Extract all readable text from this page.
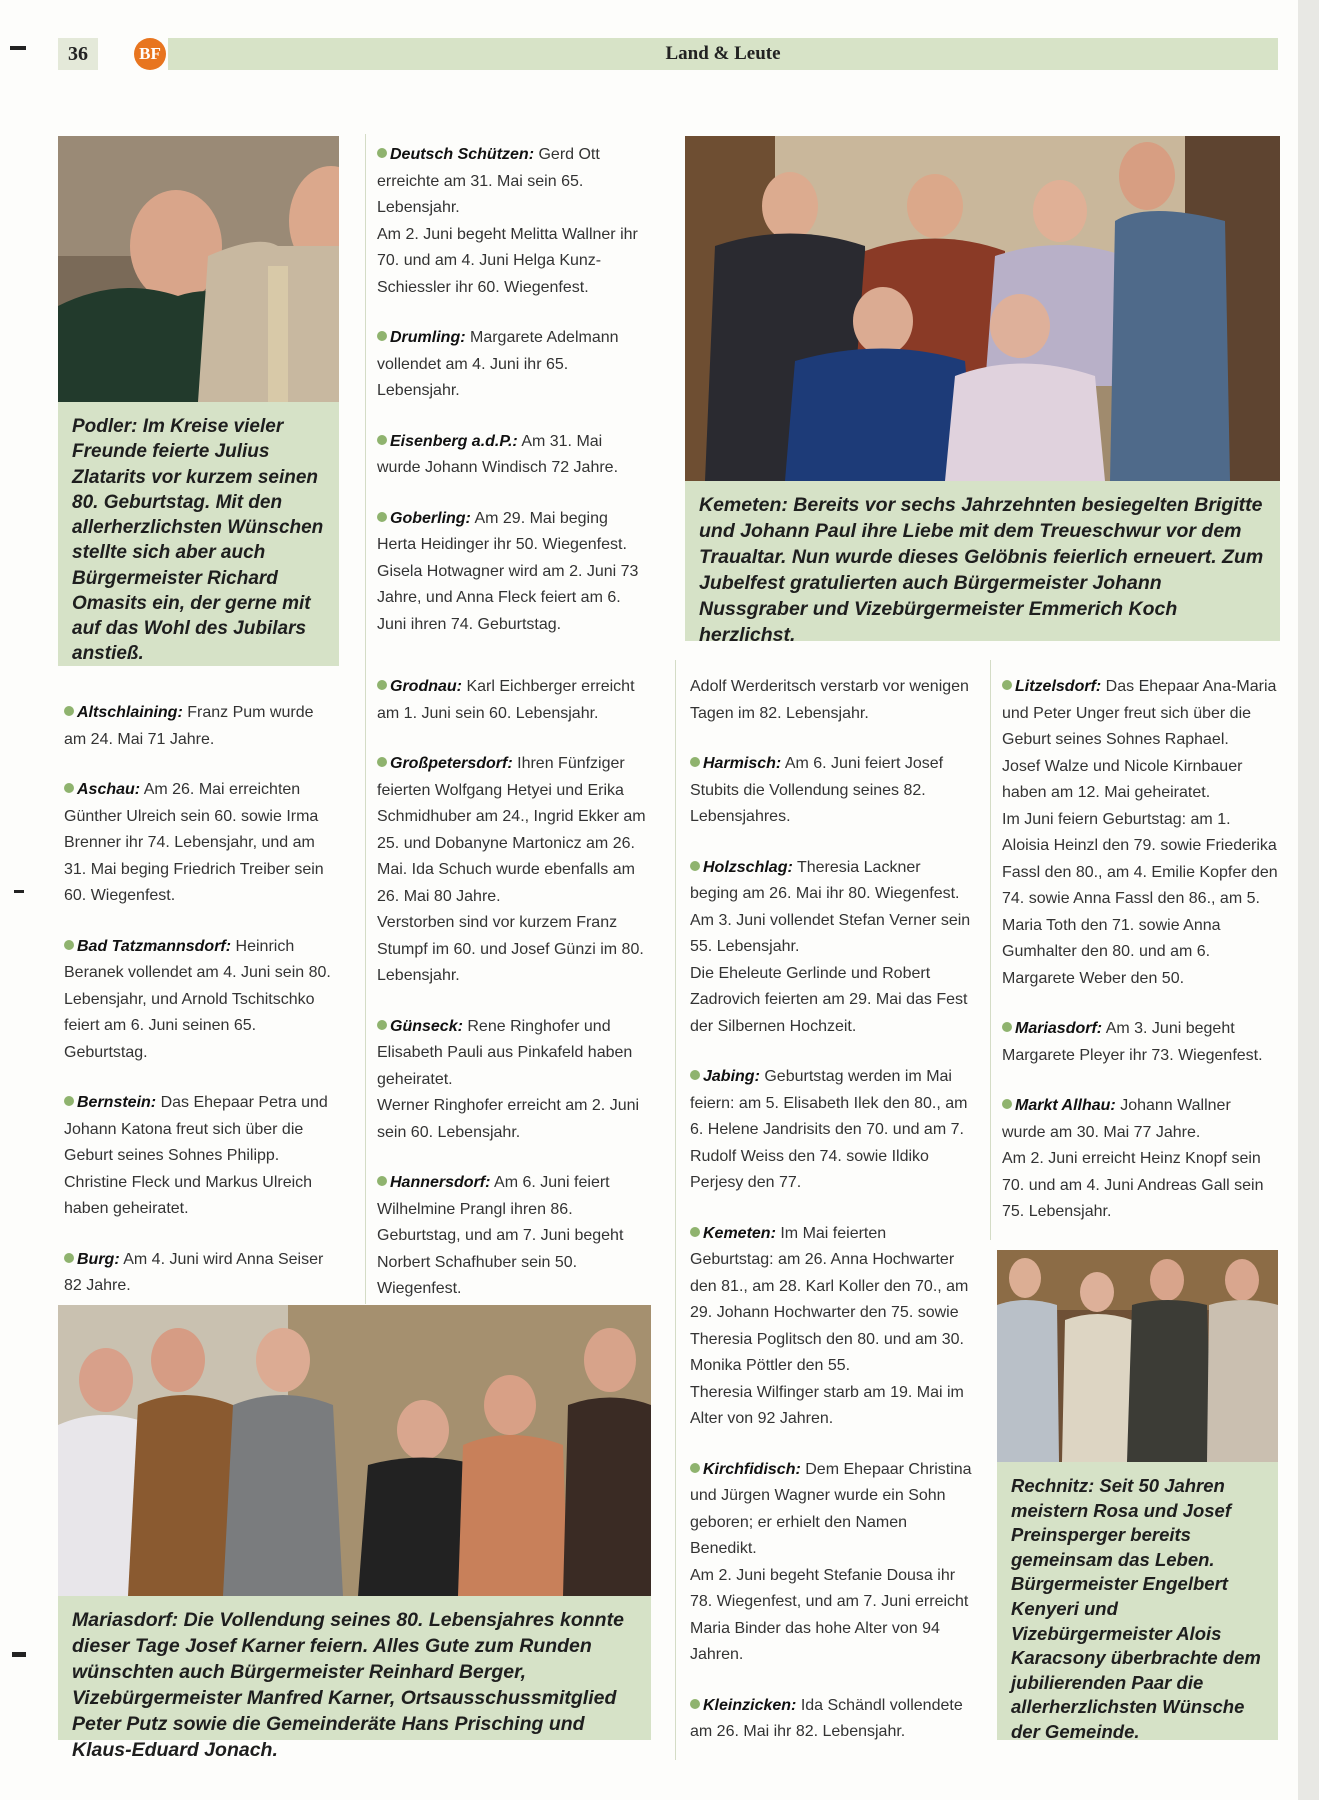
36	BF	Land & Leute
Podler: Im Kreise vieler Freunde feierte Julius Zlatarits vor kurzem seinen 80. Geburtstag. Mit den allerherzlichsten Wünschen stellte sich aber auch Bürgermeister Richard Omasits ein, der gerne mit auf das Wohl des Jubilars anstieß.
Kemeten: Bereits vor sechs Jahrzehnten besiegelten Brigitte und Johann Paul ihre Liebe mit dem Treueschwur vor dem Traualtar. Nun wurde dieses Gelöbnis feierlich erneuert. Zum Jubelfest gratulierten auch Bürgermeister Johann Nussgraber und Vizebürgermeister Emmerich Koch herzlichst.
Mariasdorf: Die Vollendung seines 80. Lebensjahres konnte dieser Tage Josef Karner feiern. Alles Gute zum Runden wünschten auch Bürgermeister Reinhard Berger, Vizebürgermeister Manfred Karner, Ortsausschussmitglied Peter Putz sowie die Gemeinderäte Hans Prisching und Klaus-Eduard Jonach.
Rechnitz: Seit 50 Jahren meistern Rosa und Josef Preinsperger bereits gemeinsam das Leben. Bürgermeister Engelbert Kenyeri und Vizebürgermeister Alois Karacsony überbrachte dem jubilierenden Paar die allerherzlichsten Wünsche der Gemeinde.

Altschlaining: Franz Pum wurde am 24. Mai 71 Jahre.

Aschau: Am 26. Mai erreichten Günther Ulreich sein 60. sowie Irma Brenner ihr 74. Lebensjahr, und am 31. Mai beging Friedrich Treiber sein 60. Wiegenfest.

Bad Tatzmannsdorf: Heinrich Beranek vollendet am 4. Juni sein 80. Lebensjahr, und Arnold Tschitschko feiert am 6. Juni seinen 65. Geburtstag.

Bernstein: Das Ehepaar Petra und Johann Katona freut sich über die Geburt seines Sohnes Philipp.

Christine Fleck und Markus Ulreich haben geheiratet.

Burg: Am 4. Juni wird Anna Seiser 82 Jahre.

Deutsch Schützen: Gerd Ott erreichte am 31. Mai sein 65. Lebensjahr.

Am 2. Juni begeht Melitta Wallner ihr 70. und am 4. Juni Helga Kunz-Schiessler ihr 60. Wiegenfest.

Drumling: Margarete Adelmann vollendet am 4. Juni ihr 65. Lebensjahr.

Eisenberg a.d.P.: Am 31. Mai wurde Johann Windisch 72 Jahre.

Goberling: Am 29. Mai beging Herta Heidinger ihr 50. Wiegenfest.

Gisela Hotwagner wird am 2. Juni 73 Jahre, und Anna Fleck feiert am 6. Juni ihren 74. Geburtstag.

Grodnau: Karl Eichberger erreicht am 1. Juni sein 60. Lebensjahr.

Großpetersdorf: Ihren Fünfziger feierten Wolfgang Hetyei und Erika Schmidhuber am 24., Ingrid Ekker am 25. und Dobanyne Martonicz am 26. Mai. Ida Schuch wurde ebenfalls am 26. Mai 80 Jahre.

Verstorben sind vor kurzem Franz Stumpf im 60. und Josef Günzi im 80. Lebensjahr.

Günseck: Rene Ringhofer und Elisabeth Pauli aus Pinkafeld haben geheiratet.

Werner Ringhofer erreicht am 2. Juni sein 60. Lebensjahr.

Hannersdorf: Am 6. Juni feiert Wilhelmine Prangl ihren 86. Geburtstag, und am 7. Juni begeht Norbert Schafhuber sein 50. Wiegenfest.

Adolf Werderitsch verstarb vor wenigen Tagen im 82. Lebensjahr.

Harmisch: Am 6. Juni feiert Josef Stubits die Vollendung seines 82. Lebensjahres.

Holzschlag: Theresia Lackner beging am 26. Mai ihr 80. Wiegenfest.

Am 3. Juni vollendet Stefan Verner sein 55. Lebensjahr.

Die Eheleute Gerlinde und Robert Zadrovich feierten am 29. Mai das Fest der Silbernen Hochzeit.

Jabing: Geburtstag werden im Mai feiern: am 5. Elisabeth Ilek den 80., am 6. Helene Jandrisits den 70. und am 7. Rudolf Weiss den 74. sowie Ildiko Perjesy den 77.

Kemeten: Im Mai feierten Geburtstag: am 26. Anna Hochwarter den 81., am 28. Karl Koller den 70., am 29. Johann Hochwarter den 75. sowie Theresia Poglitsch den 80. und am 30. Monika Pöttler den 55.

Theresia Wilfinger starb am 19. Mai im Alter von 92 Jahren.

Kirchfidisch: Dem Ehepaar Christina und Jürgen Wagner wurde ein Sohn geboren; er erhielt den Namen Benedikt.

Am 2. Juni begeht Stefanie Dousa ihr 78. Wiegenfest, und am 7. Juni erreicht Maria Binder das hohe Alter von 94 Jahren.

Kleinzicken: Ida Schändl vollendete am 26. Mai ihr 82. Lebensjahr.

Litzelsdorf: Das Ehepaar Ana-Maria und Peter Unger freut sich über die Geburt seines Sohnes Raphael.

Josef Walze und Nicole Kirnbauer haben am 12. Mai geheiratet.

Im Juni feiern Geburtstag: am 1. Aloisia Heinzl den 79. sowie Friederika Fassl den 80., am 4. Emilie Kopfer den 74. sowie Anna Fassl den 86., am 5. Maria Toth den 71. sowie Anna Gumhalter den 80. und am 6. Margarete Weber den 50.

Mariasdorf: Am 3. Juni begeht Margarete Pleyer ihr 73. Wiegenfest.

Markt Allhau: Johann Wallner wurde am 30. Mai 77 Jahre.

Am 2. Juni erreicht Heinz Knopf sein 70. und am 4. Juni Andreas Gall sein 75. Lebensjahr.
